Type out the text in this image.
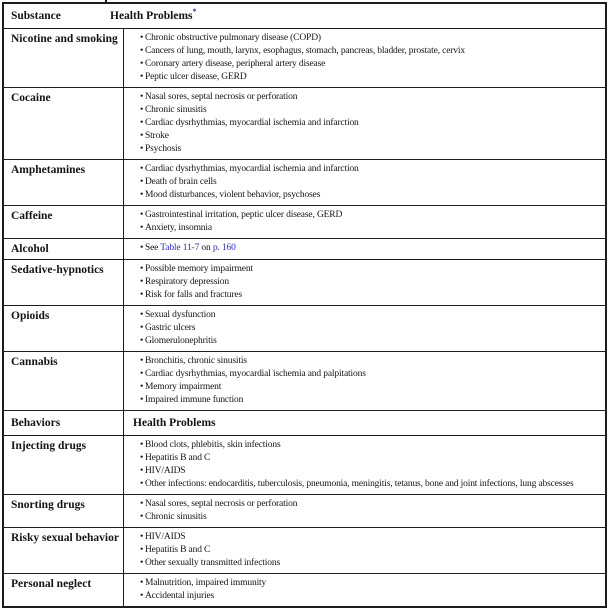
Substance	Health Problems*
Nicotine and smoking	• Chronic obstructive pulmonary disease (COPD)
• Cancers of lung, mouth, larynx, esophagus, stomach, pancreas, bladder, prostate, cervix
• Coronary artery disease, peripheral artery disease
• Peptic ulcer disease, GERD
Cocaine	• Nasal sores, septal necrosis or perforation
• Chronic sinusitis
• Cardiac dysrhythmias, myocardial ischemia and infarction
• Stroke
• Psychosis
Amphetamines	• Cardiac dysrhythmias, myocardial ischemia and infarction
• Death of brain cells
• Mood disturbances, violent behavior, psychoses
Caffeine	• Gastrointestinal irritation, peptic ulcer disease, GERD
• Anxiety, insomnia
Alcohol	• See Table 11-7 on p. 160
Sedative-hypnotics	• Possible memory impairment
• Respiratory depression
• Risk for falls and fractures
Opioids	• Sexual dysfunction
• Gastric ulcers
• Glomerulonephritis
Cannabis	• Bronchitis, chronic sinusitis
• Cardiac dysrhythmias, myocardial ischemia and palpitations
• Memory impairment
• Impaired immune function
Behaviors	Health Problems
Injecting drugs	• Blood clots, phlebitis, skin infections
• Hepatitis B and C
• HIV/AIDS
• Other infections: endocarditis, tuberculosis, pneumonia, meningitis, tetanus, bone and joint infections, lung abscesses
Snorting drugs	• Nasal sores, septal necrosis or perforation
• Chronic sinusitis
Risky sexual behavior	• HIV/AIDS
• Hepatitis B and C
• Other sexually transmitted infections
Personal neglect	• Malnutrition, impaired immunity
• Accidental injuries
